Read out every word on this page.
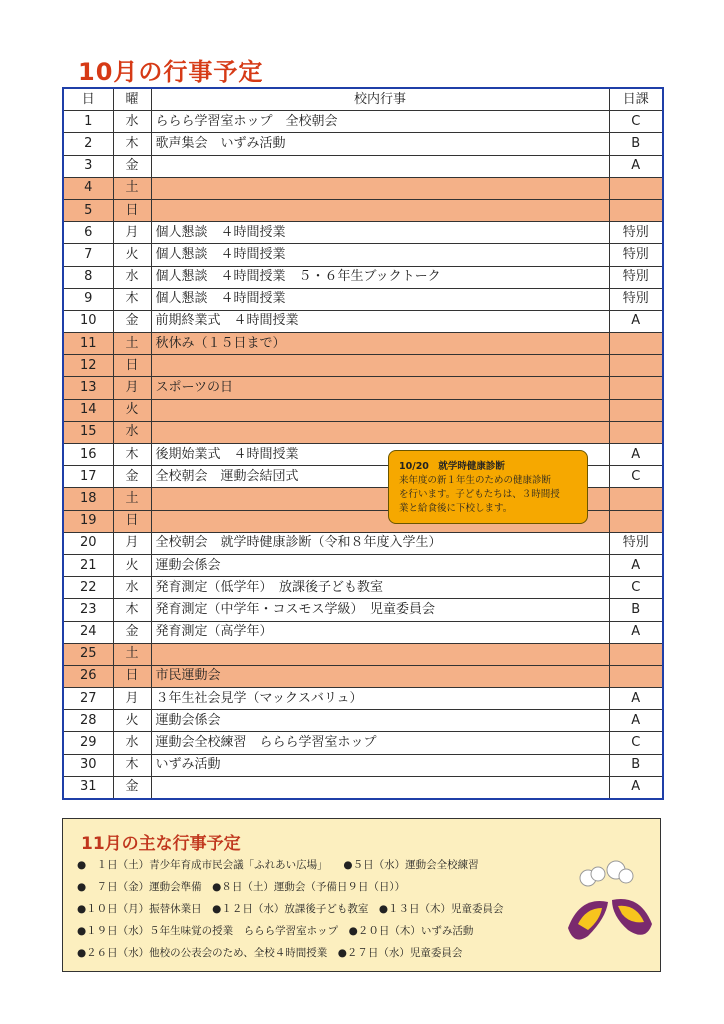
10月の行事予定
日	曜	校内行事	日課
1	水	ららら学習室ホップ　全校朝会	C
2	木	歌声集会　いずみ活動	B
3	金		A
4	土		
5	日		
6	月	個人懇談　４時間授業	特別
7	火	個人懇談　４時間授業	特別
8	水	個人懇談　４時間授業　５・６年生ブックトーク	特別
9	木	個人懇談　４時間授業	特別
10	金	前期終業式　４時間授業	A
11	土	秋休み（１５日まで）	
12	日		
13	月	スポーツの日	
14	火		
15	水		
16	木	後期始業式　４時間授業	A
17	金	全校朝会　運動会結団式	C
18	土		
19	日		
20	月	全校朝会　就学時健康診断（令和８年度入学生）	特別
21	火	運動会係会	A
22	水	発育測定（低学年）　放課後子ども教室	C
23	木	発育測定（中学年・コスモス学級）　児童委員会	B
24	金	発育測定（高学年）	A
25	土		
26	日	市民運動会	
27	月	３年生社会見学（マックスバリュ）	A
28	火	運動会係会	A
29	水	運動会全校練習　ららら学習室ホップ	C
30	木	いずみ活動	B
31	金		A
10/20　就学時健康診断
来年度の新１年生のための健康診断
を行います。子どもたちは、３時間授
業と給食後に下校します。
11月の主な行事予定
●　１日（土）青少年育成市民会議「ふれあい広場」　　●５日（水）運動会全校練習
●　７日（金）運動会準備　●８日（土）運動会（予備日９日（日））
●１０日（月）振替休業日　●１２日（水）放課後子ども教室　●１３日（木）児童委員会
●１９日（水）５年生味覚の授業　ららら学習室ホップ　●２０日（木）いずみ活動
●２６日（水）他校の公表会のため、全校４時間授業　●２７日（水）児童委員会
